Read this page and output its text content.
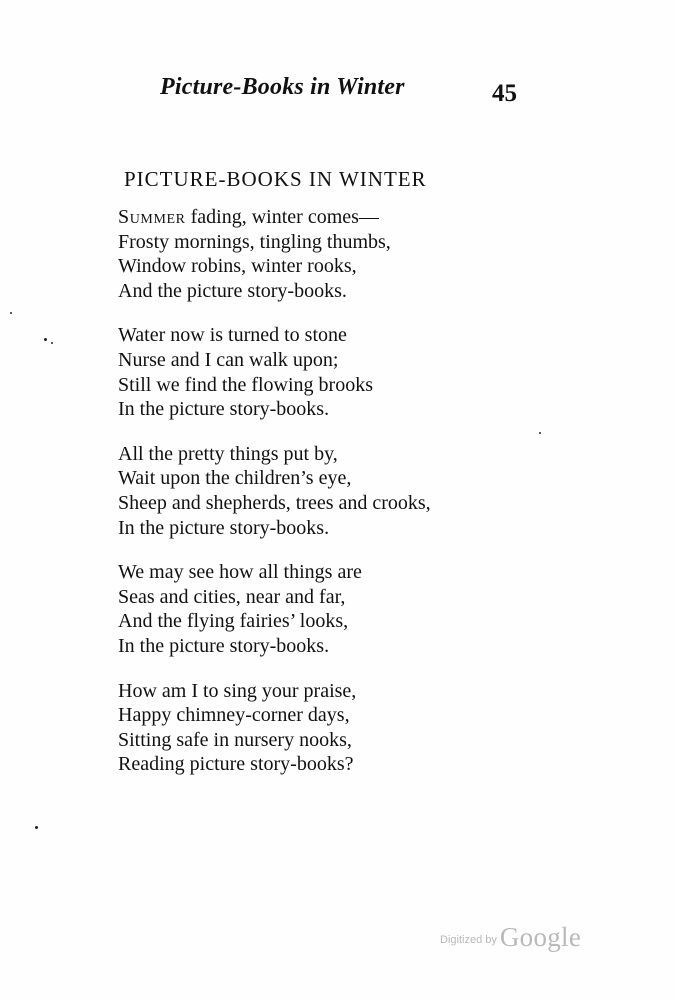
Picture-Books in Winter	45
PICTURE-BOOKS IN WINTER
Summer fading, winter comes—
Frosty mornings, tingling thumbs,
Window robins, winter rooks,
And the picture story-books.
Water now is turned to stone
Nurse and I can walk upon;
Still we find the flowing brooks
In the picture story-books.
All the pretty things put by,
Wait upon the children’s eye,
Sheep and shepherds, trees and crooks,
In the picture story-books.
We may see how all things are
Seas and cities, near and far,
And the flying fairies’ looks,
In the picture story-books.
How am I to sing your praise,
Happy chimney-corner days,
Sitting safe in nursery nooks,
Reading picture story-books?
Digitized by Google
